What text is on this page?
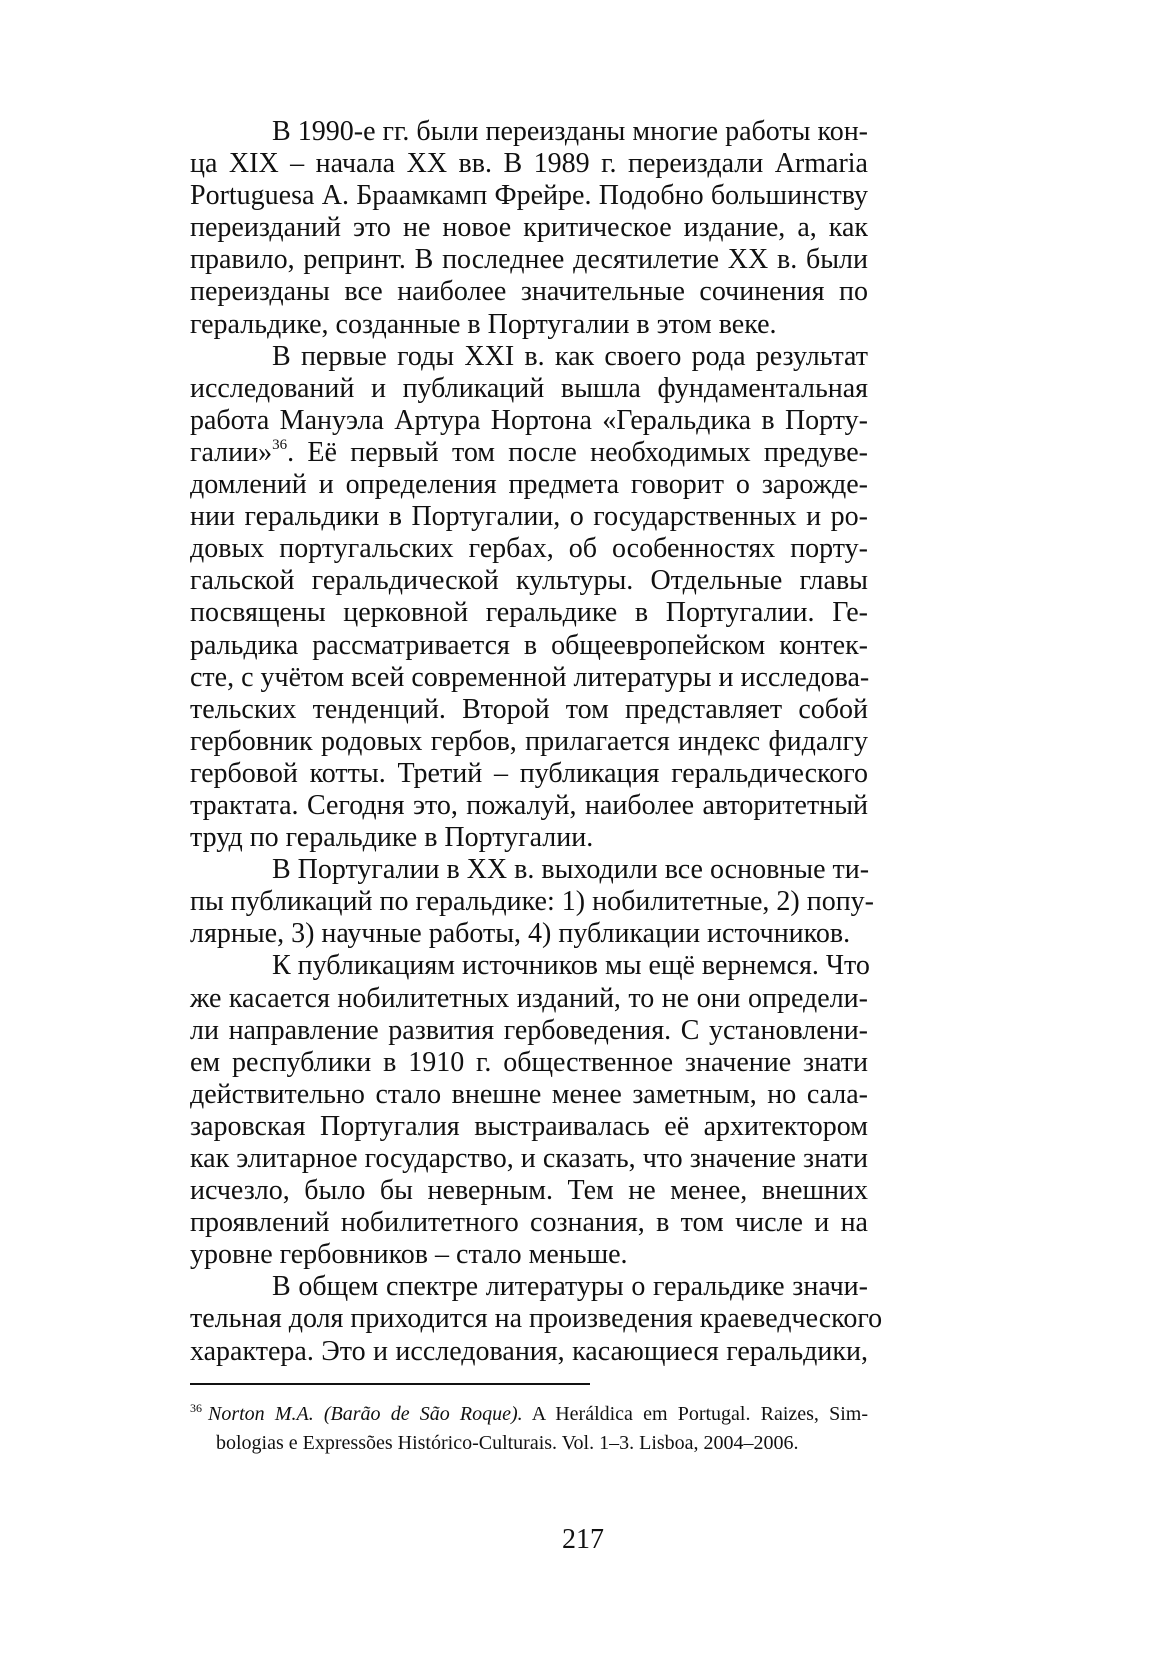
В 1990-е гг. были переизданы многие работы кон-
ца XIX – начала XX вв. В 1989 г. переиздали Armaria
Portuguesa А. Браамкамп Фрейре. Подобно большинству
переизданий это не новое критическое издание, а, как
правило, репринт. В последнее десятилетие XX в. были
переизданы все наиболее значительные сочинения по
геральдике, созданные в Португалии в этом веке.
В первые годы XXI в. как своего рода результат
исследований и публикаций вышла фундаментальная
работа Мануэла Артура Нортона «Геральдика в Порту-
галии»$^{36}$. Её первый том после необходимых предуве-
домлений и определения предмета говорит о зарожде-
нии геральдики в Португалии, о государственных и ро-
довых португальских гербах, об особенностях порту-
гальской геральдической культуры. Отдельные главы
посвящены церковной геральдике в Португалии. Ге-
ральдика рассматривается в общеевропейском контек-
сте, с учётом всей современной литературы и исследова-
тельских тенденций. Второй том представляет собой
гербовник родовых гербов, прилагается индекс фидалгу
гербовой котты. Третий – публикация геральдического
трактата. Сегодня это, пожалуй, наиболее авторитетный
труд по геральдике в Португалии.
В Португалии в XX в. выходили все основные ти-
пы публикаций по геральдике: 1) нобилитетные, 2) попу-
лярные, 3) научные работы, 4) публикации источников.
К публикациям источников мы ещё вернемся. Что
же касается нобилитетных изданий, то не они определи-
ли направление развития гербоведения. С установлени-
ем республики в 1910 г. общественное значение знати
действительно стало внешне менее заметным, но сала-
заровская Португалия выстраивалась её архитектором
как элитарное государство, и сказать, что значение знати
исчезло, было бы неверным. Тем не менее, внешних
проявлений нобилитетного сознания, в том числе и на
уровне гербовников – стало меньше.
В общем спектре литературы о геральдике значи-
тельная доля приходится на произведения краеведческого
характера. Это и исследования, касающиеся геральдики,
$^{36}$ Norton M.A. (Barão de São Roque). A Heráldica em Portugal. Raizes, Sim-
bologias e Expressões Histórico-Culturais. Vol. 1–3. Lisboa, 2004–2006.
217
